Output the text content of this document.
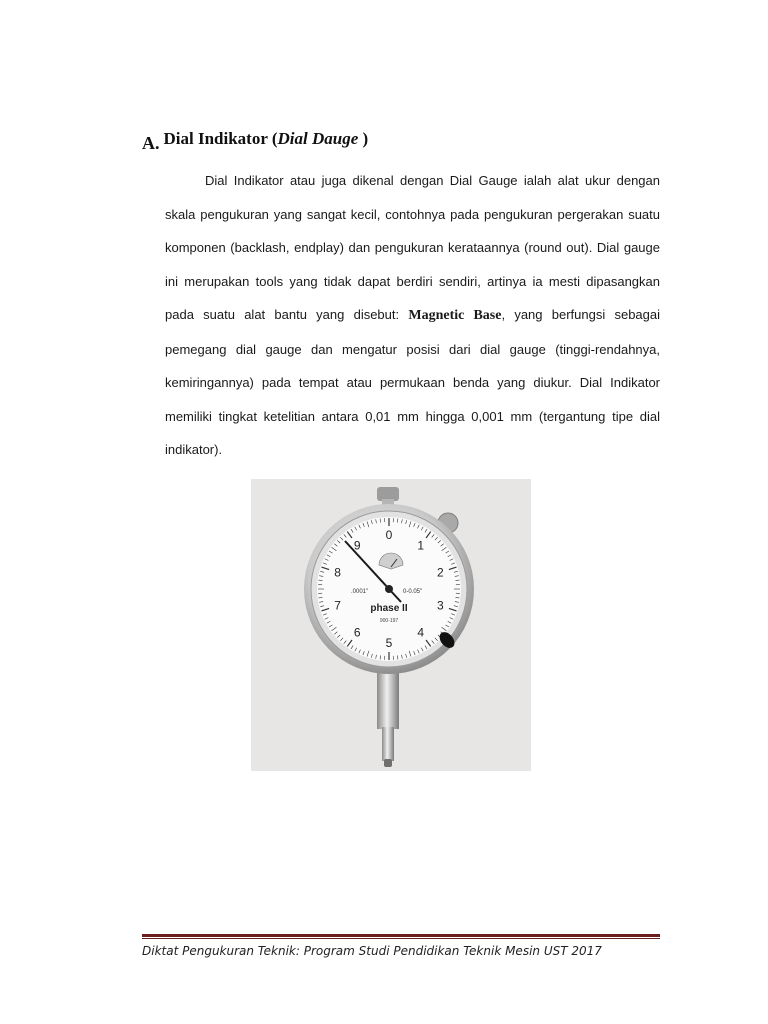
A. Dial Indikator (Dial Dauge )

Dial Indikator atau juga dikenal dengan Dial Gauge ialah alat ukur dengan skala pengukuran yang sangat kecil, contohnya pada pengukuran pergerakan suatu komponen (backlash, endplay) dan pengukuran kerataannya (round out). Dial gauge ini merupakan tools yang tidak dapat berdiri sendiri, artinya ia mesti dipasangkan pada suatu alat bantu yang disebut: Magnetic Base, yang berfungsi sebagai pemegang dial gauge dan mengatur posisi dari dial gauge (tinggi-rendahnya, kemiringannya) pada tempat atau permukaan benda yang diukur. Dial Indikator memiliki tingkat ketelitian antara 0,01 mm hingga 0,001 mm (tergantung tipe dial indikator).

0
1
2
3
4
5
6
7
8
9
.0001"	0-0.05"
phase II
900-197

Diktat Pengukuran Teknik: Program Studi Pendidikan Teknik Mesin UST 2017
